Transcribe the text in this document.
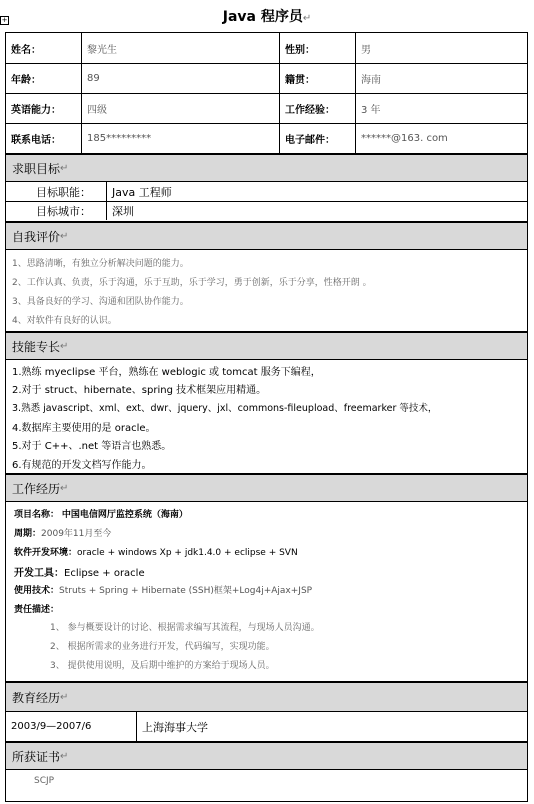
+	Java 程序员↵
姓名：	黎光生	性别：	男
年龄：	89	籍贯：	海南
英语能力：	四级	工作经验：	3 年
联系电话：	185*********	电子邮件：	******@163. com
求职目标 ↵
目标职能：	Java 工程师
目标城市：	深圳
自我评价 ↵
1、思路清晰，有独立分析解决问题的能力。
2、工作认真、负责，乐于沟通，乐于互助，乐于学习，勇于创新，乐于分享，性格开朗 。
3、具备良好的学习、沟通和团队协作能力。
4、对软件有良好的认识。
技能专长 ↵
1.熟练 myeclipse 平台，熟练在 weblogic 或 tomcat 服务下编程，
2.对于 struct、hibernate、spring 技术框架应用精通。
3.熟悉 javascript、xml、ext、dwr、jquery、jxl、commons-fileupload、freemarker 等技术，
4.数据库主要使用的是 oracle。
5.对于 C++、.net 等语言也熟悉。
6.有规范的开发文档写作能力。
工作经历 ↵
项目名称： 中国电信网厅监控系统（海南）
周期：2009年11月至今
软件开发环境：oracle + windows Xp + jdk1.4.0 + eclipse + SVN
开发工具：Eclipse + oracle
使用技术：Struts + Spring + Hibernate (SSH)框架+Log4j+Ajax+JSP
责任描述：
1、 参与概要设计的讨论、根据需求编写其流程，与现场人员沟通。
2、 根据所需求的业务进行开发，代码编写，实现功能。
3、 提供使用说明，及后期中维护的方案给于现场人员。
教育经历 ↵
2003/9—2007/6	上海海事大学
所获证书 ↵
SCJP
